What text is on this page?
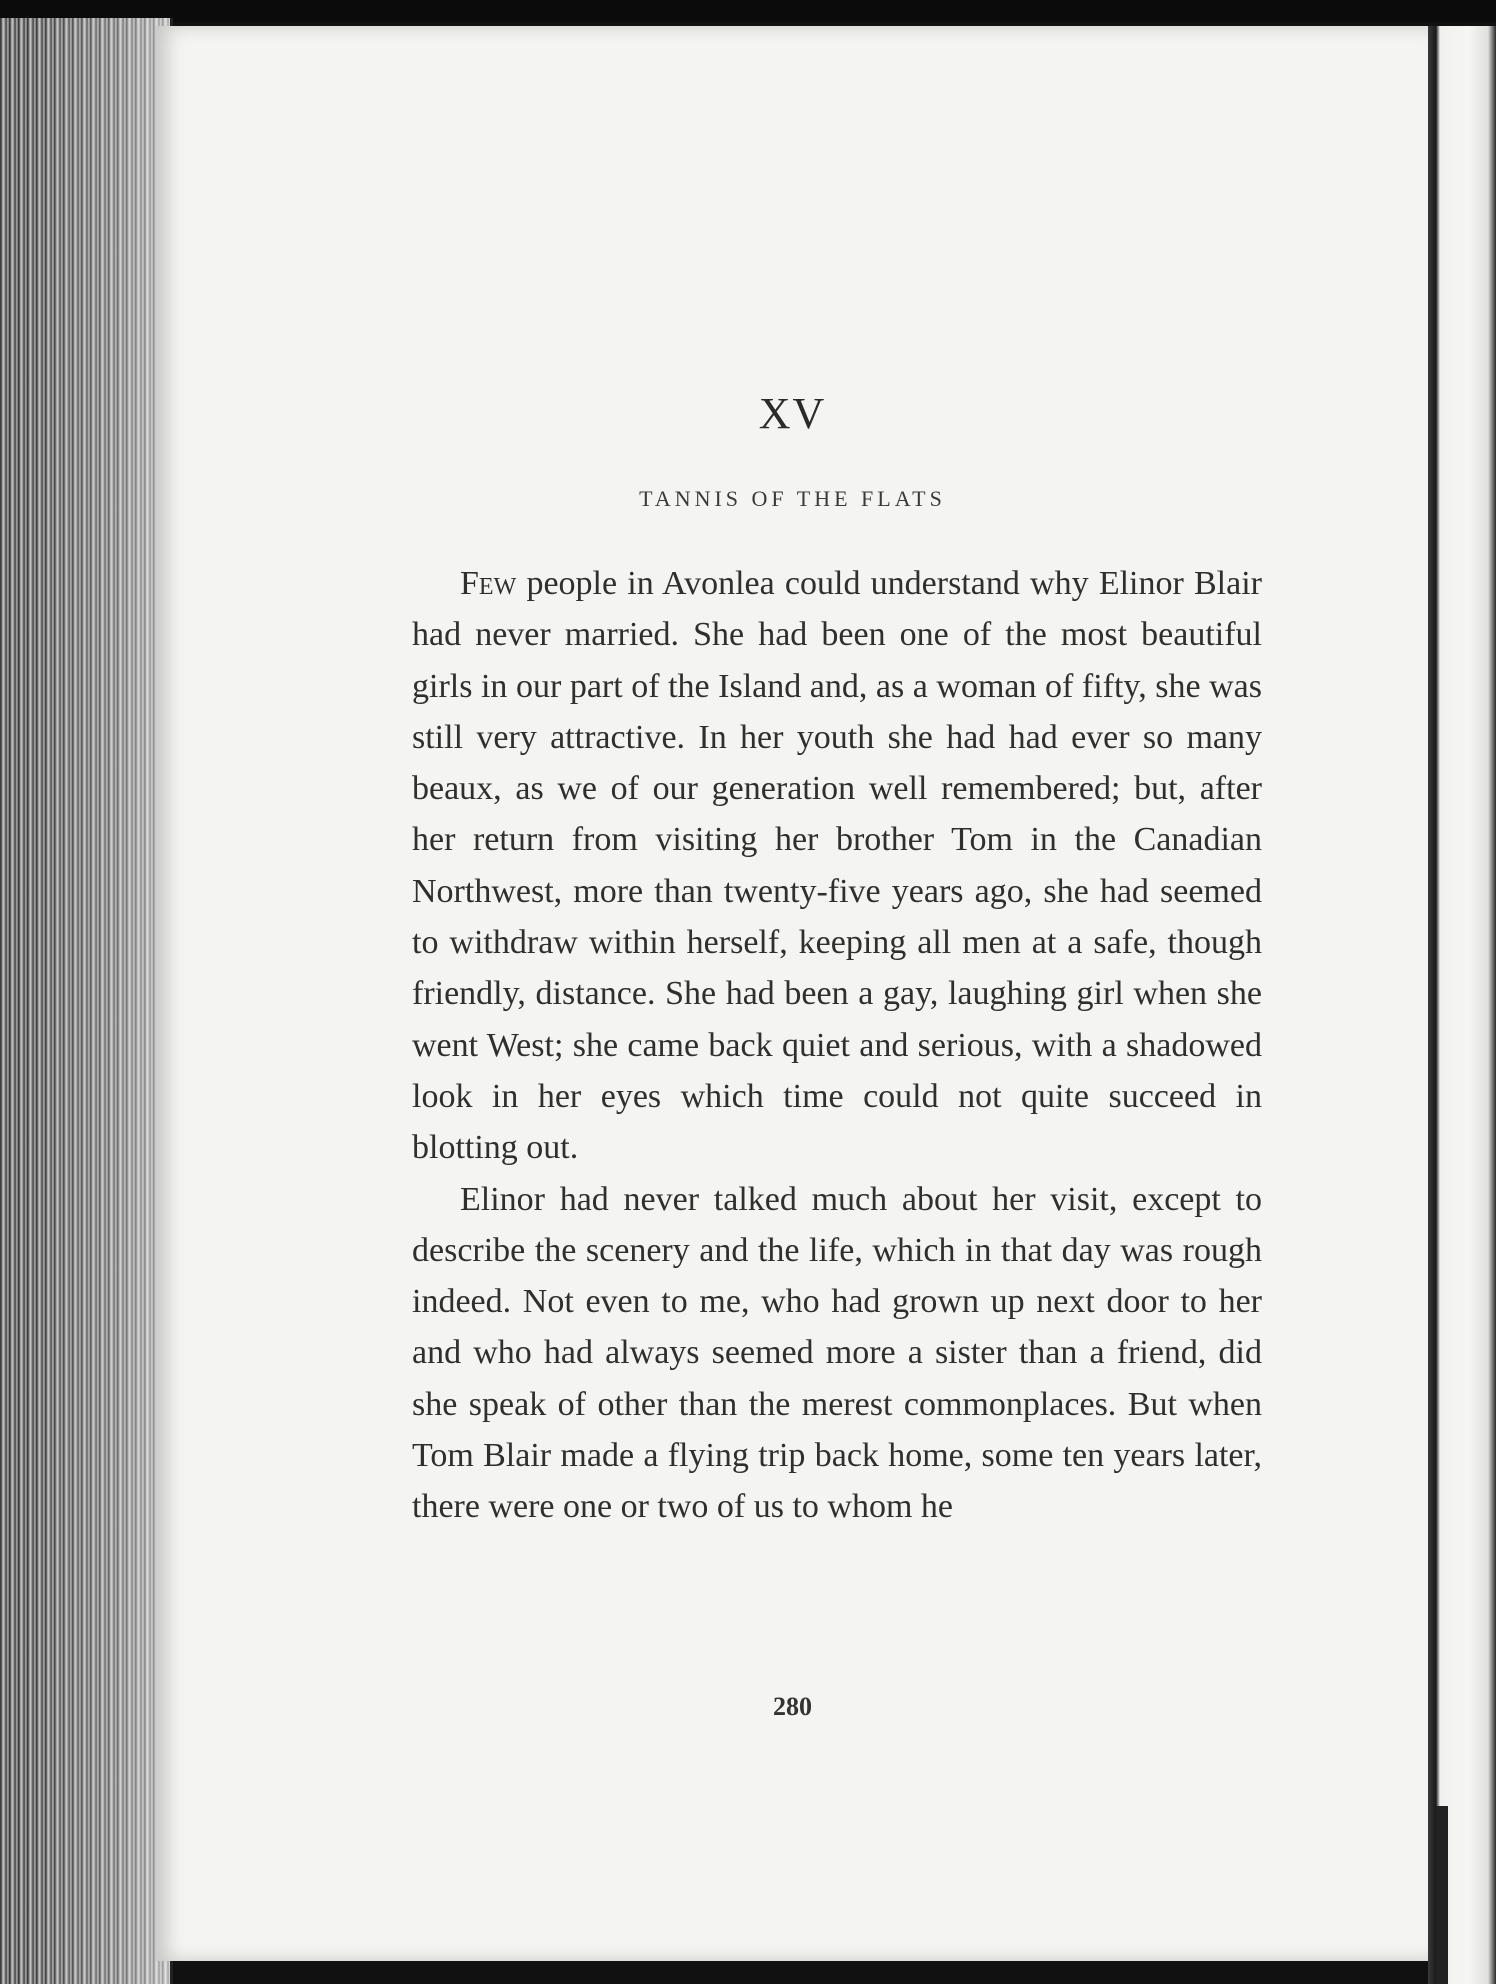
XV
TANNIS OF THE FLATS

Few people in Avonlea could understand why Elinor Blair had never married. She had been one of the most beautiful girls in our part of the Island and, as a woman of fifty, she was still very attractive. In her youth she had had ever so many beaux, as we of our generation well remembered; but, after her return from visiting her brother Tom in the Canadian Northwest, more than twenty-five years ago, she had seemed to withdraw within herself, keeping all men at a safe, though friendly, distance. She had been a gay, laughing girl when she went West; she came back quiet and serious, with a shadowed look in her eyes which time could not quite succeed in blotting out.

Elinor had never talked much about her visit, except to describe the scenery and the life, which in that day was rough indeed. Not even to me, who had grown up next door to her and who had always seemed more a sister than a friend, did she speak of other than the merest commonplaces. But when Tom Blair made a flying trip back home, some ten years later, there were one or two of us to whom he

280
